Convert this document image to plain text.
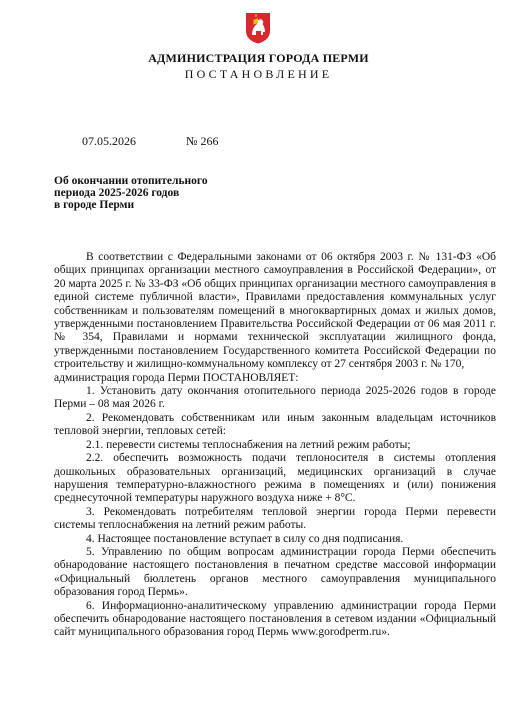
АДМИНИСТРАЦИЯ ГОРОДА ПЕРМИ
ПОСТАНОВЛЕНИЕ
07.05.2026	№ 266
Об окончании отопительного
периода 2025-2026 годов
в городе Перми

В соответствии с Федеральными законами от 06 октября 2003 г. № 131-ФЗ «Об общих принципах организации местного самоуправления в Российской Федерации», от 20 марта 2025 г. № 33-ФЗ «Об общих принципах организации местного самоуправления в единой системе публичной власти», Правилами предоставления коммунальных услуг собственникам и пользователям помещений в многоквартирных домах и жилых домов, утвержденными постановлением Правительства Российской Федерации от 06 мая 2011 г. № 354, Правилами и нормами технической эксплуатации жилищного фонда, утвержденными постановлением Государственного комитета Российской Федерации по строительству и жилищно-коммунальному комплексу от 27 сентября 2003 г. № 170,

администрация города Перми ПОСТАНОВЛЯЕТ:

1. Установить дату окончания отопительного периода 2025-2026 годов в городе Перми – 08 мая 2026 г.

2. Рекомендовать собственникам или иным законным владельцам источников тепловой энергии, тепловых сетей:

2.1. перевести системы теплоснабжения на летний режим работы;

2.2. обеспечить возможность подачи теплоносителя в системы отопления дошкольных образовательных организаций, медицинских организаций в случае нарушения температурно-влажностного режима в помещениях и (или) понижения среднесуточной температуры наружного воздуха ниже + 8°С.

3. Рекомендовать потребителям тепловой энергии города Перми перевести системы теплоснабжения на летний режим работы.

4. Настоящее постановление вступает в силу со дня подписания.

5. Управлению по общим вопросам администрации города Перми обеспечить обнародование настоящего постановления в печатном средстве массовой информации «Официальный бюллетень органов местного самоуправления муниципального образования город Пермь».

6. Информационно-аналитическому управлению администрации города Перми обеспечить обнародование настоящего постановления в сетевом издании «Официальный сайт муниципального образования город Пермь www.gorodperm.ru».
